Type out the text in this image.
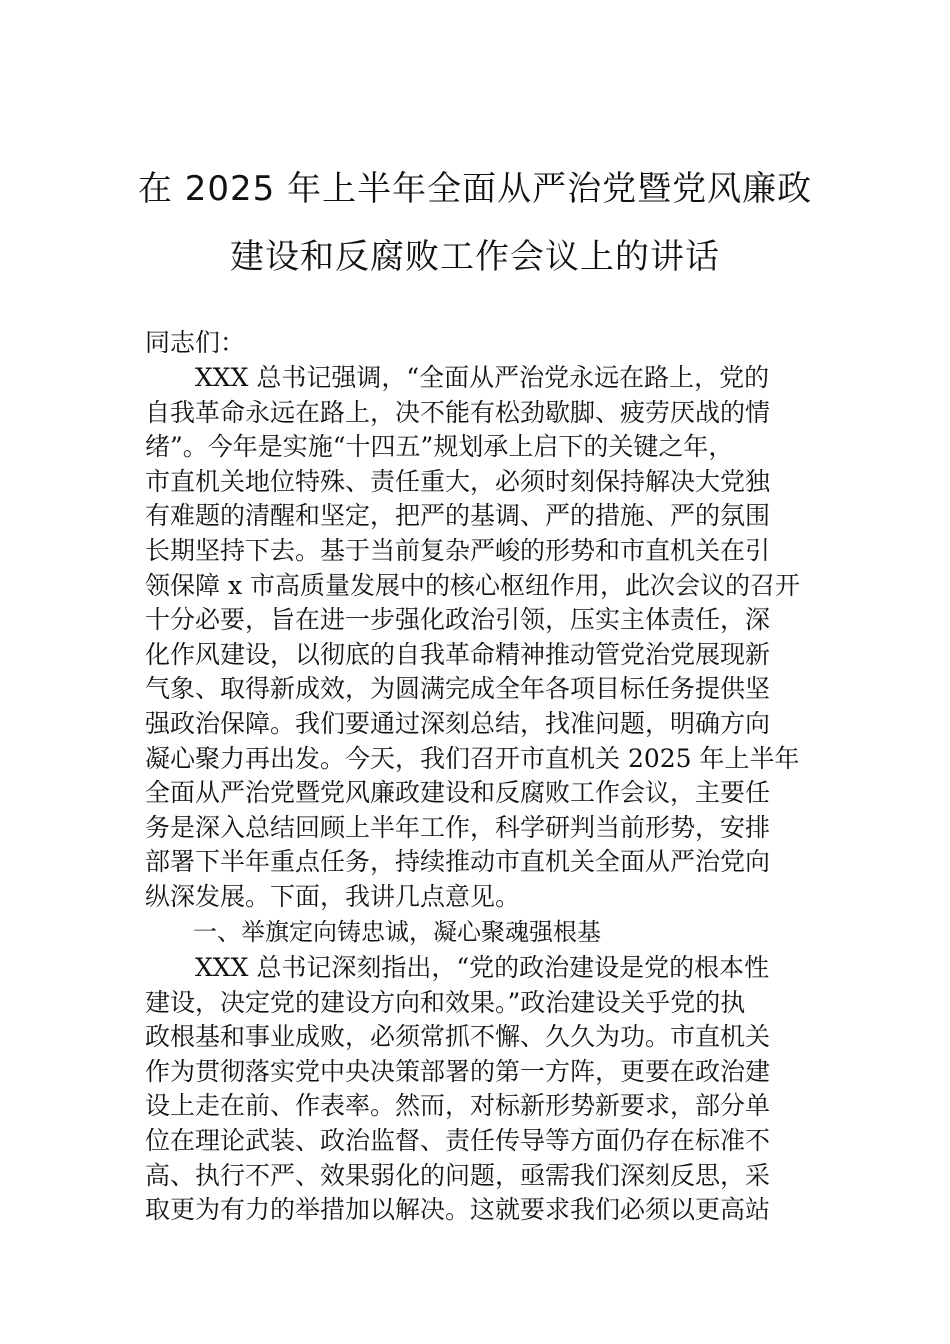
在 2025 年上半年全面从严治党暨党风廉政
建设和反腐败工作会议上的讲话
同志们：
XXX 总书记强调，“全面从严治党永远在路上，党的
自我革命永远在路上，决不能有松劲歇脚、疲劳厌战的情
绪”。今年是实施“十四五”规划承上启下的关键之年，
市直机关地位特殊、责任重大，必须时刻保持解决大党独
有难题的清醒和坚定，把严的基调、严的措施、严的氛围
长期坚持下去。基于当前复杂严峻的形势和市直机关在引
领保障 x 市高质量发展中的核心枢纽作用，此次会议的召开
十分必要，旨在进一步强化政治引领，压实主体责任，深
化作风建设，以彻底的自我革命精神推动管党治党展现新
气象、取得新成效，为圆满完成全年各项目标任务提供坚
强政治保障。我们要通过深刻总结，找准问题，明确方向
凝心聚力再出发。今天，我们召开市直机关 2025 年上半年
全面从严治党暨党风廉政建设和反腐败工作会议，主要任
务是深入总结回顾上半年工作，科学研判当前形势，安排
部署下半年重点任务，持续推动市直机关全面从严治党向
纵深发展。下面，我讲几点意见。
一、举旗定向铸忠诚，凝心聚魂强根基
XXX 总书记深刻指出，“党的政治建设是党的根本性
建设，决定党的建设方向和效果。”政治建设关乎党的执
政根基和事业成败，必须常抓不懈、久久为功。市直机关
作为贯彻落实党中央决策部署的第一方阵，更要在政治建
设上走在前、作表率。然而，对标新形势新要求，部分单
位在理论武装、政治监督、责任传导等方面仍存在标准不
高、执行不严、效果弱化的问题，亟需我们深刻反思，采
取更为有力的举措加以解决。这就要求我们必须以更高站
